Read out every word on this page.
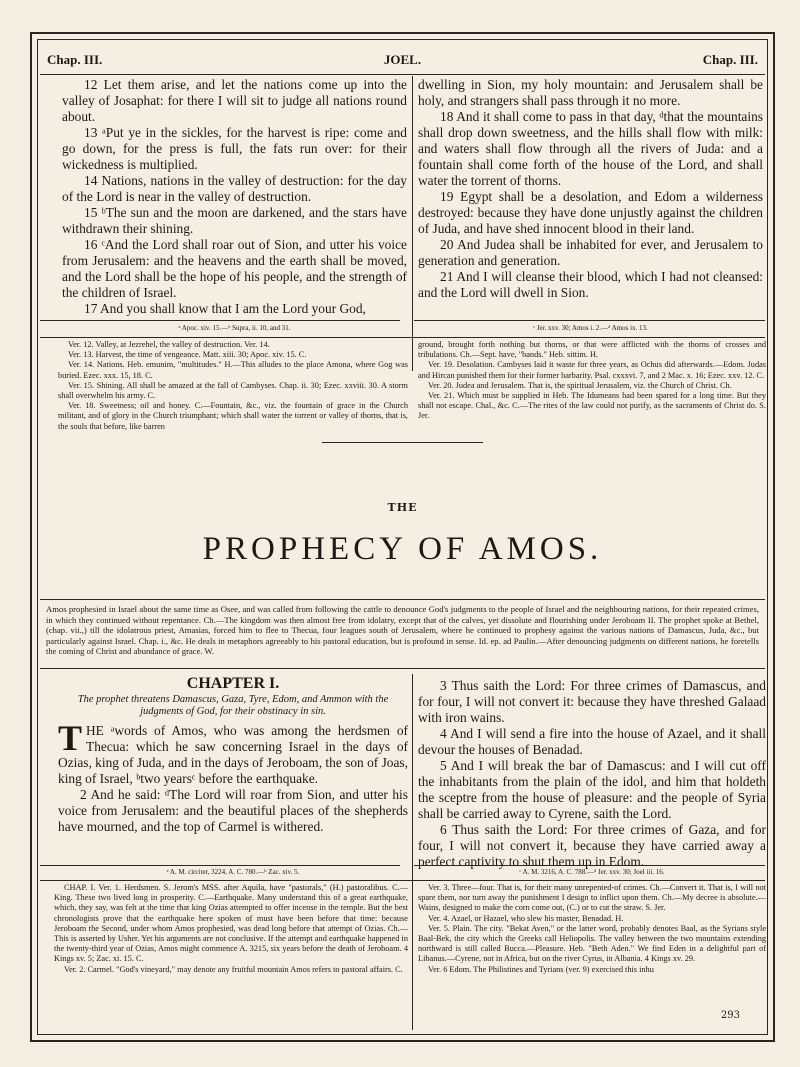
Chap. III.	JOEL.	Chap. III.

12 Let them arise, and let the nations come up into the valley of Josaphat: for there I will sit to judge all nations round about.

13 ᵃPut ye in the sickles, for the harvest is ripe: come and go down, for the press is full, the fats run over: for their wickedness is multiplied.

14 Nations, nations in the valley of destruction: for the day of the Lord is near in the valley of destruction.

15 ᵇThe sun and the moon are darkened, and the stars have withdrawn their shining.

16 ᶜAnd the Lord shall roar out of Sion, and utter his voice from Jerusalem: and the heavens and the earth shall be moved, and the Lord shall be the hope of his people, and the strength of the children of Israel.

17 And you shall know that I am the Lord your God,

dwelling in Sion, my holy mountain: and Jerusalem shall be holy, and strangers shall pass through it no more.

18 And it shall come to pass in that day, ᵈthat the mountains shall drop down sweetness, and the hills shall flow with milk: and waters shall flow through all the rivers of Juda: and a fountain shall come forth of the house of the Lord, and shall water the torrent of thorns.

19 Egypt shall be a desolation, and Edom a wilderness destroyed: because they have done unjustly against the children of Juda, and have shed innocent blood in their land.

20 And Judea shall be inhabited for ever, and Jerusalem to generation and generation.

21 And I will cleanse their blood, which I had not cleansed: and the Lord will dwell in Sion.

ᵃ Apoc. xiv. 15.—ᵇ Supra, ii. 10, and 31.	ᶜ Jer. xxv. 30; Amos i. 2.—ᵈ Amos ix. 13.

Ver. 12. Valley, at Jezrehel, the valley of destruction. Ver. 14.

Ver. 13. Harvest, the time of vengeance. Matt. xiii. 30; Apoc. xiv. 15. C.

Ver. 14. Nations. Heb. emunim, "multitudes." H.—This alludes to the place Amona, where Gog was buried. Ezec. xxx. 15, 18. C.

Ver. 15. Shining. All shall be amazed at the fall of Cambyses. Chap. ii. 30; Ezec. xxviii. 30. A storm shall overwhelm his army. C.

Ver. 18. Sweetness; oil and honey. C.—Fountain, &c., viz. the fountain of grace in the Church militant, and of glory in the Church triumphant; which shall water the torrent or valley of thorns, that is, the souls that before, like barren

ground, brought forth nothing but thorns, or that were afflicted with the thorns of crosses and tribulations. Ch.—Sept. have, "bands." Heb. sittim. H.

Ver. 19. Desolation. Cambyses laid it waste for three years, as Ochus did afterwards.—Edom. Judas and Hircan punished them for their former barbarity. Psal. cxxxvi. 7, and 2 Mac. x. 16; Ezec. xxv. 12. C.

Ver. 20. Judea and Jerusalem. That is, the spiritual Jerusalem, viz. the Church of Christ. Ch.

Ver. 21. Which must be supplied in Heb. The Idumeans had been spared for a long time. But they shall not escape. Chal., &c. C.—The rites of the law could not purify, as the sacraments of Christ do. S. Jer.

THE
PROPHECY OF AMOS.
Amos prophesied in Israel about the same time as Osee, and was called from following the cattle to denounce God's judgments to the people of Israel and the neighbouring nations, for their repeated crimes, in which they continued without repentance. Ch.—The kingdom was then almost free from idolatry, except that of the calves, yet dissolute and flourishing under Jeroboam II. The prophet spoke at Bethel, (chap. vii.,) till the idolatrous priest, Amasias, forced him to flee to Thecua, four leagues south of Jerusalem, where he continued to prophesy against the various nations of Damascus, Juda, &c., but particularly against Israel. Chap. i., &c. He deals in metaphors agreeably to his pastoral education, but is profound in sense. Id. ep. ad Paulin.—After denouncing judgments on different nations, he foretells the coming of Christ and abundance of grace. W.
CHAPTER I.
The prophet threatens Damascus, Gaza, Tyre, Edom, and Ammon with the judgments of God, for their obstinacy in sin.

THE ᵃwords of Amos, who was among the herdsmen of Thecua: which he saw concerning Israel in the days of Ozias, king of Juda, and in the days of Jeroboam, the son of Joas, king of Israel, ᵇtwo yearsᶜ before the earthquake.

2 And he said: ᵈThe Lord will roar from Sion, and utter his voice from Jerusalem: and the beautiful places of the shepherds have mourned, and the top of Carmel is withered.

3 Thus saith the Lord: For three crimes of Damascus, and for four, I will not convert it: because they have threshed Galaad with iron wains.

4 And I will send a fire into the house of Azael, and it shall devour the houses of Benadad.

5 And I will break the bar of Damascus: and I will cut off the inhabitants from the plain of the idol, and him that holdeth the sceptre from the house of pleasure: and the people of Syria shall be carried away to Cyrene, saith the Lord.

6 Thus saith the Lord: For three crimes of Gaza, and for four, I will not convert it, because they have carried away a perfect captivity to shut them up in Edom.

ᵃ A. M. circiter, 3224, A. C. 780.—ᵇ Zac. xiv. 5.	ᶜ A. M. 3216, A. C. 788.—ᵈ Jer. xxv. 30; Joel iii. 16.

CHAP. I. Ver. 1. Herdsmen. S. Jerom's MSS. after Aquila, have "pastorals," (H.) pastoralibus. C.—King. These two lived long in prosperity. C.—Earthquake. Many understand this of a great earthquake, which, they say, was felt at the time that king Ozias attempted to offer incense in the temple. But the best chronologists prove that the earthquake here spoken of must have been before that time: because Jeroboam the Second, under whom Amos prophesied, was dead long before that attempt of Ozias. Ch.—This is asserted by Usher. Yet his arguments are not conclusive. If the attempt and earthquake happened in the twenty-third year of Ozias, Amos might commence A. 3215, six years before the death of Jeroboam. 4 Kings xv. 5; Zac. xi. 15. C.

Ver. 2. Carmel. "God's vineyard," may denote any fruitful mountain Amos refers to pastoral affairs. C.

Ver. 3. Three—four. That is, for their many unrepented-of crimes. Ch.—Convert it. That is, I will not spare them, nor turn away the punishment I design to inflict upon them. Ch.—My decree is absolute.—Wains, designed to make the corn come out, (C.) or to cut the straw. S. Jer.

Ver. 4. Azael, or Hazael, who slew his master, Benadad. H.

Ver. 5. Plain. The city. "Bekat Aven," or the latter word, probably denotes Baal, as the Syrians style Baal-Bek, the city which the Greeks call Heliopolis. The valley between the two mountains extending northward is still called Bucca.—Pleasure. Heb. "Beth Aden." We find Eden in a delightful part of Libanus.—Cyrene, not in Africa, but on the river Cyrus, in Albania. 4 Kings xv. 29.

Ver. 6 Edom. The Philistines and Tyrians (ver. 9) exercised this inhu

293
